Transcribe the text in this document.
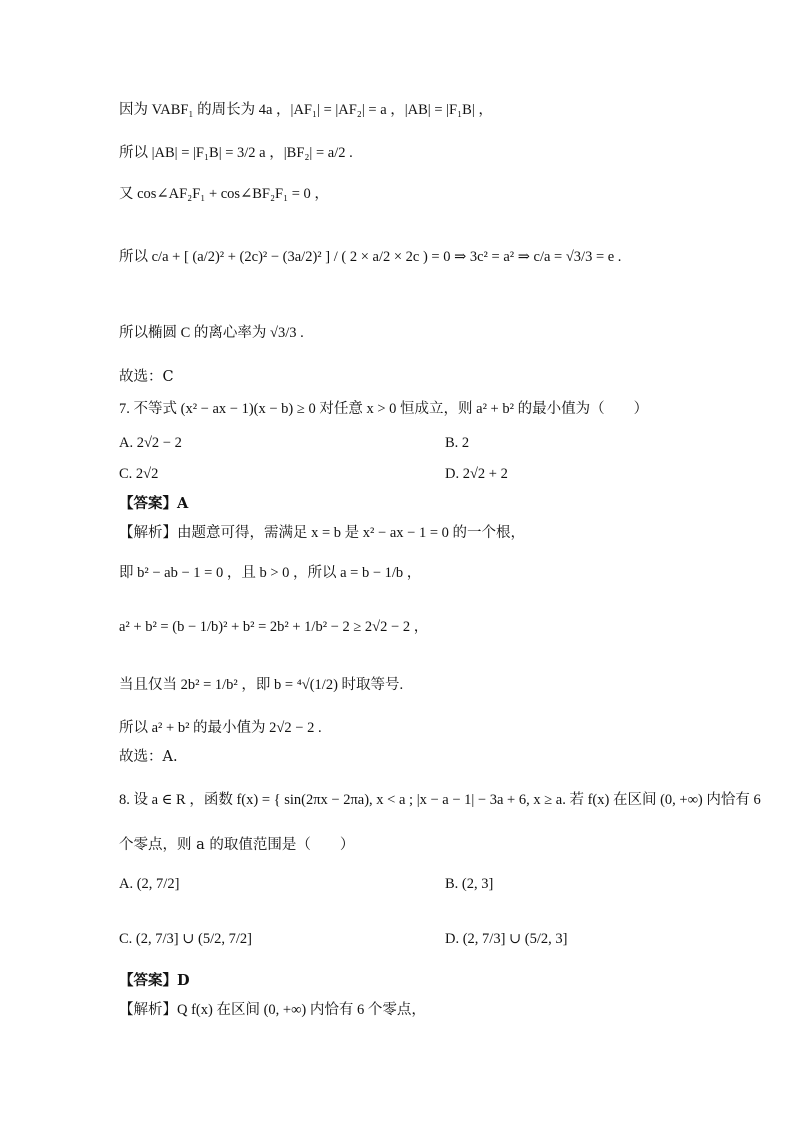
因为 VABF₁ 的周长为 4a ，|AF₁| = |AF₂| = a ，|AB| = |F₁B| ，
所以 |AB| = |F₁B| = 3/2 a ，|BF₂| = a/2 .
又 cos∠AF₂F₁ + cos∠BF₂F₁ = 0 ，
所以 c/a + [ (a/2)² + (2c)² − (3a/2)² ] / ( 2 × a/2 × 2c ) = 0 ⇒ 3c² = a² ⇒ c/a = √3/3 = e .
所以椭圆 C 的离心率为 √3/3 .
故选：C
7. 不等式 (x² − ax − 1)(x − b) ≥ 0 对任意 x > 0 恒成立，则 a² + b² 的最小值为（　　）
A. 2√2 − 2	B. 2
C. 2√2	D. 2√2 + 2
【答案】A
【解析】由题意可得，需满足 x = b 是 x² − ax − 1 = 0 的一个根，
即 b² − ab − 1 = 0 ，且 b > 0 ，所以 a = b − 1/b ，
a² + b² = (b − 1/b)² + b² = 2b² + 1/b² − 2 ≥ 2√2 − 2 ，
当且仅当 2b² = 1/b² ，即 b = ⁴√(1/2) 时取等号.
所以 a² + b² 的最小值为 2√2 − 2 .
故选：A.
8. 设 a ∈ R ，函数 f(x) = { sin(2πx − 2πa), x < a ; |x − a − 1| − 3a + 6, x ≥ a. 若 f(x) 在区间 (0, +∞) 内恰有 6
个零点，则 a 的取值范围是（　　）
A. (2, 7/2]	B. (2, 3]
C. (2, 7/3] ∪ (5/2, 7/2]	D. (2, 7/3] ∪ (5/2, 3]
【答案】D
【解析】Q f(x) 在区间 (0, +∞) 内恰有 6 个零点，
